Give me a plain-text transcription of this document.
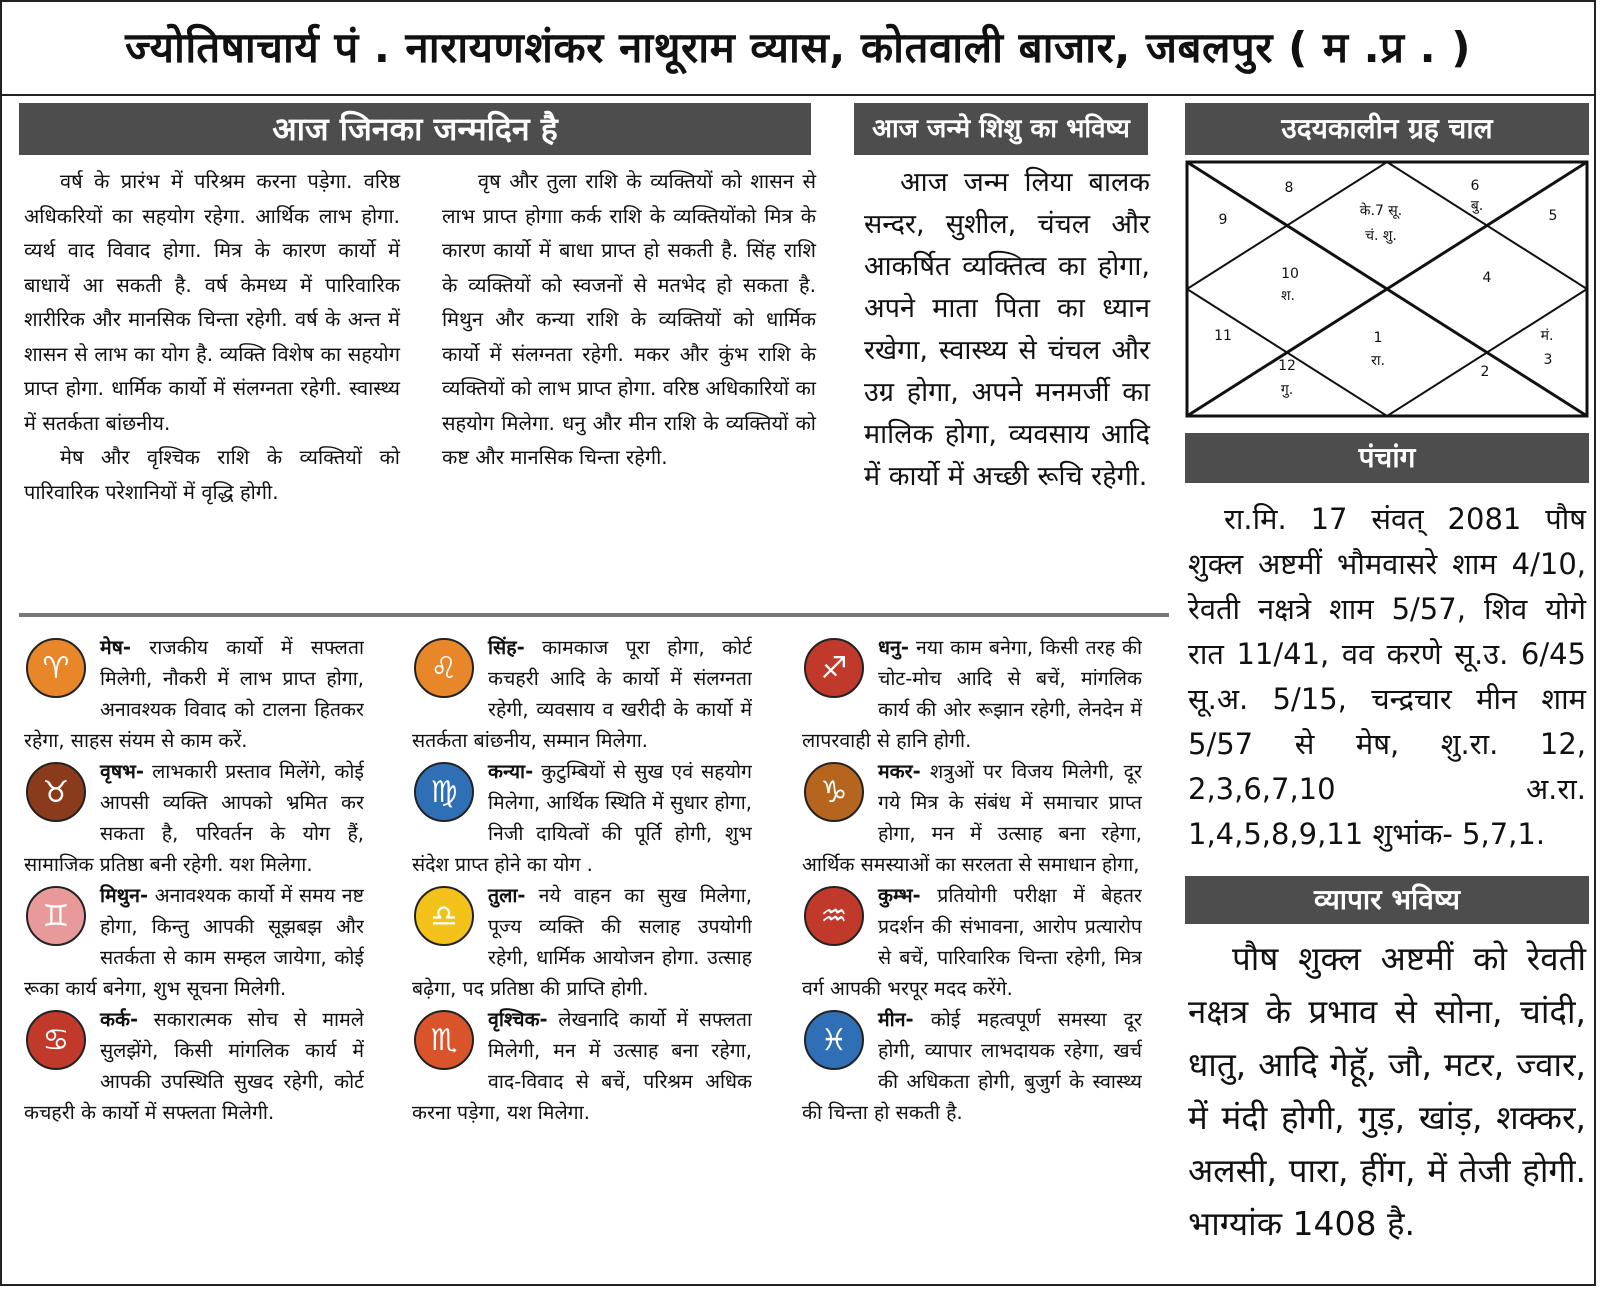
ज्योतिषाचार्य पं . नारायणशंकर नाथूराम व्यास, कोतवाली बाजार, जबलपुर ( म .प्र . )
आज जिनका जन्मदिन है	आज जन्मे शिशु का भविष्य	उदयकालीन ग्रह चाल
पंचांग
व्यापार भविष्य

वर्ष के प्रारंभ में परिश्रम करना पड़ेगा. वरिष्ठ अधिकरियों का सहयोग रहेगा. आर्थिक लाभ होगा. व्यर्थ वाद विवाद होगा. मित्र के कारण कार्यो में बाधायें आ सकती है. वर्ष केमध्य में पारिवारिक शारीरिक और मानसिक चिन्ता रहेगी. वर्ष के अन्त में शासन से लाभ का योग है. व्यक्ति विशेष का सहयोग प्राप्त होगा. धार्मिक कार्यो में संलग्नता रहेगी. स्वास्थ्य में सतर्कता बांछनीय.

मेष और वृश्चिक राशि के व्यक्तियों को पारिवारिक परेशानियों में वृद्धि होगी.

वृष और तुला राशि के व्यक्तियों को शासन से लाभ प्राप्त होगाा कर्क राशि के व्यक्तियोंको मित्र के कारण कार्यो में बाधा प्राप्त हो सकती है. सिंह राशि के व्यक्तियों को स्वजनों से मतभेद हो सकता है. मिथुन और कन्या राशि के व्यक्तियों को धार्मिक कार्यो में संलग्नता रहेगी. मकर और कुंभ राशि के व्यक्तियों को लाभ प्राप्त होगा. वरिष्ठ अधिकारियों का सहयोग मिलेगा. धनु और मीन राशि के व्यक्तियों को कष्ट और मानसिक चिन्ता रहेगी.

आज जन्म लिया बालक सन्दर, सुशील, चंचल और आकर्षित व्यक्तित्व का होगा, अपने माता पिता का ध्यान रखेगा, स्वास्थ्य से चंचल और उग्र होगा, अपने मनमर्जी का मालिक होगा, व्यवसाय आदि में कार्यो में अच्छी रूचि रहेगी.

8	6
बु.
5
9
के.7 सू.
चं. शु.
10
श.
4
11	1
रा.
मं.
3
12
गु.
2

रा.मि. 17 संवत् 2081 पौष शुक्ल अष्टमीं भौमवासरे शाम 4/10, रेवती नक्षत्रे शाम 5/57, शिव योगे रात 11/41, वव करणे सू.उ. 6/45 सू.अ. 5/15, चन्द्रचार मीन शाम 5/57 से मेष, शु.रा. 12, 2,3,6,7,10 अ.रा. 1,4,5,8,9,11 शुभांक- 5,7,1.

पौष शुक्ल अष्टमीं को रेवती नक्षत्र के प्रभाव से सोना, चांदी, धातु, आदि गेहूॅ, जौ, मटर, ज्वार, में मंदी होगी, गुड़, खांड़, शक्कर, अलसी, पारा, हींग, में तेजी होगी. भाग्यांक 1408 है.

मेष-
♈
राजकीय कार्यो में सफ्लता मिलेगी, नौकरी में लाभ प्राप्त होगा, अनावश्यक विवाद को टालना हितकर रहेगा, साहस संयम से काम करें.
वृषभ-
♉
लाभकारी प्रस्ताव मिलेंगे, कोई आपसी व्यक्ति आपको भ्रमित कर सकता है, परिवर्तन के योग हैं, सामाजिक प्रतिष्ठा बनी रहेगी. यश मिलेगा.
मिथुन-
♊
अनावश्यक कार्यो में समय नष्ट होगा, किन्तु आपकी सूझबझ और सतर्कता से काम सम्हल जायेगा, कोई रूका कार्य बनेगा, शुभ सूचना मिलेगी.
कर्क-
♋
सकारात्मक सोच से मामले सुलझेंगे, किसी मांगलिक कार्य में आपकी उपस्थिति सुखद रहेगी, कोर्ट कचहरी के कार्यो में सफ्लता मिलेगी.
सिंह-
♌
कामकाज पूरा होगा, कोर्ट कचहरी आदि के कार्यो में संलग्नता रहेगी, व्यवसाय व खरीदी के कार्यो में सतर्कता बांछनीय, सम्मान मिलेगा.
कन्या-
♍
कुटुम्बियों से सुख एवं सहयोग मिलेगा, आर्थिक स्थिति में सुधार होगा, निजी दायित्वों की पूर्ति होगी, शुभ संदेश प्राप्त होने का योग .
तुला-
♎
नये वाहन का सुख मिलेगा, पूज्य व्यक्ति की सलाह उपयोगी रहेगी, धार्मिक आयोजन होगा. उत्साह बढ़ेगा, पद प्रतिष्ठा की प्राप्ति होगी.
वृश्चिक-
♏
लेखनादि कार्यो में सफ्लता मिलेगी, मन में उत्साह बना रहेगा, वाद-विवाद से बचें, परिश्रम अधिक करना पड़ेगा, यश मिलेगा.
धनु-
♐
नया काम बनेगा, किसी तरह की चोट-मोच आदि से बचें, मांगलिक कार्य की ओर रूझान रहेगी, लेनदेन में लापरवाही से हानि होगी.
मकर-
♑
शत्रुओं पर विजय मिलेगी, दूर गये मित्र के संबंध में समाचार प्राप्त होगा, मन में उत्साह बना रहेगा, आर्थिक समस्याओं का सरलता से समाधान होगा,
कुम्भ-
♒
प्रतियोगी परीक्षा में बेहतर प्रदर्शन की संभावना, आरोप प्रत्यारोप से बचें, पारिवारिक चिन्ता रहेगी, मित्र वर्ग आपकी भरपूर मदद करेंगे.
मीन-
♓
कोई महत्वपूर्ण समस्या दूर होगी, व्यापार लाभदायक रहेगा, खर्च की अधिकता होगी, बुजुर्ग के स्वास्थ्य की चिन्ता हो सकती है.
